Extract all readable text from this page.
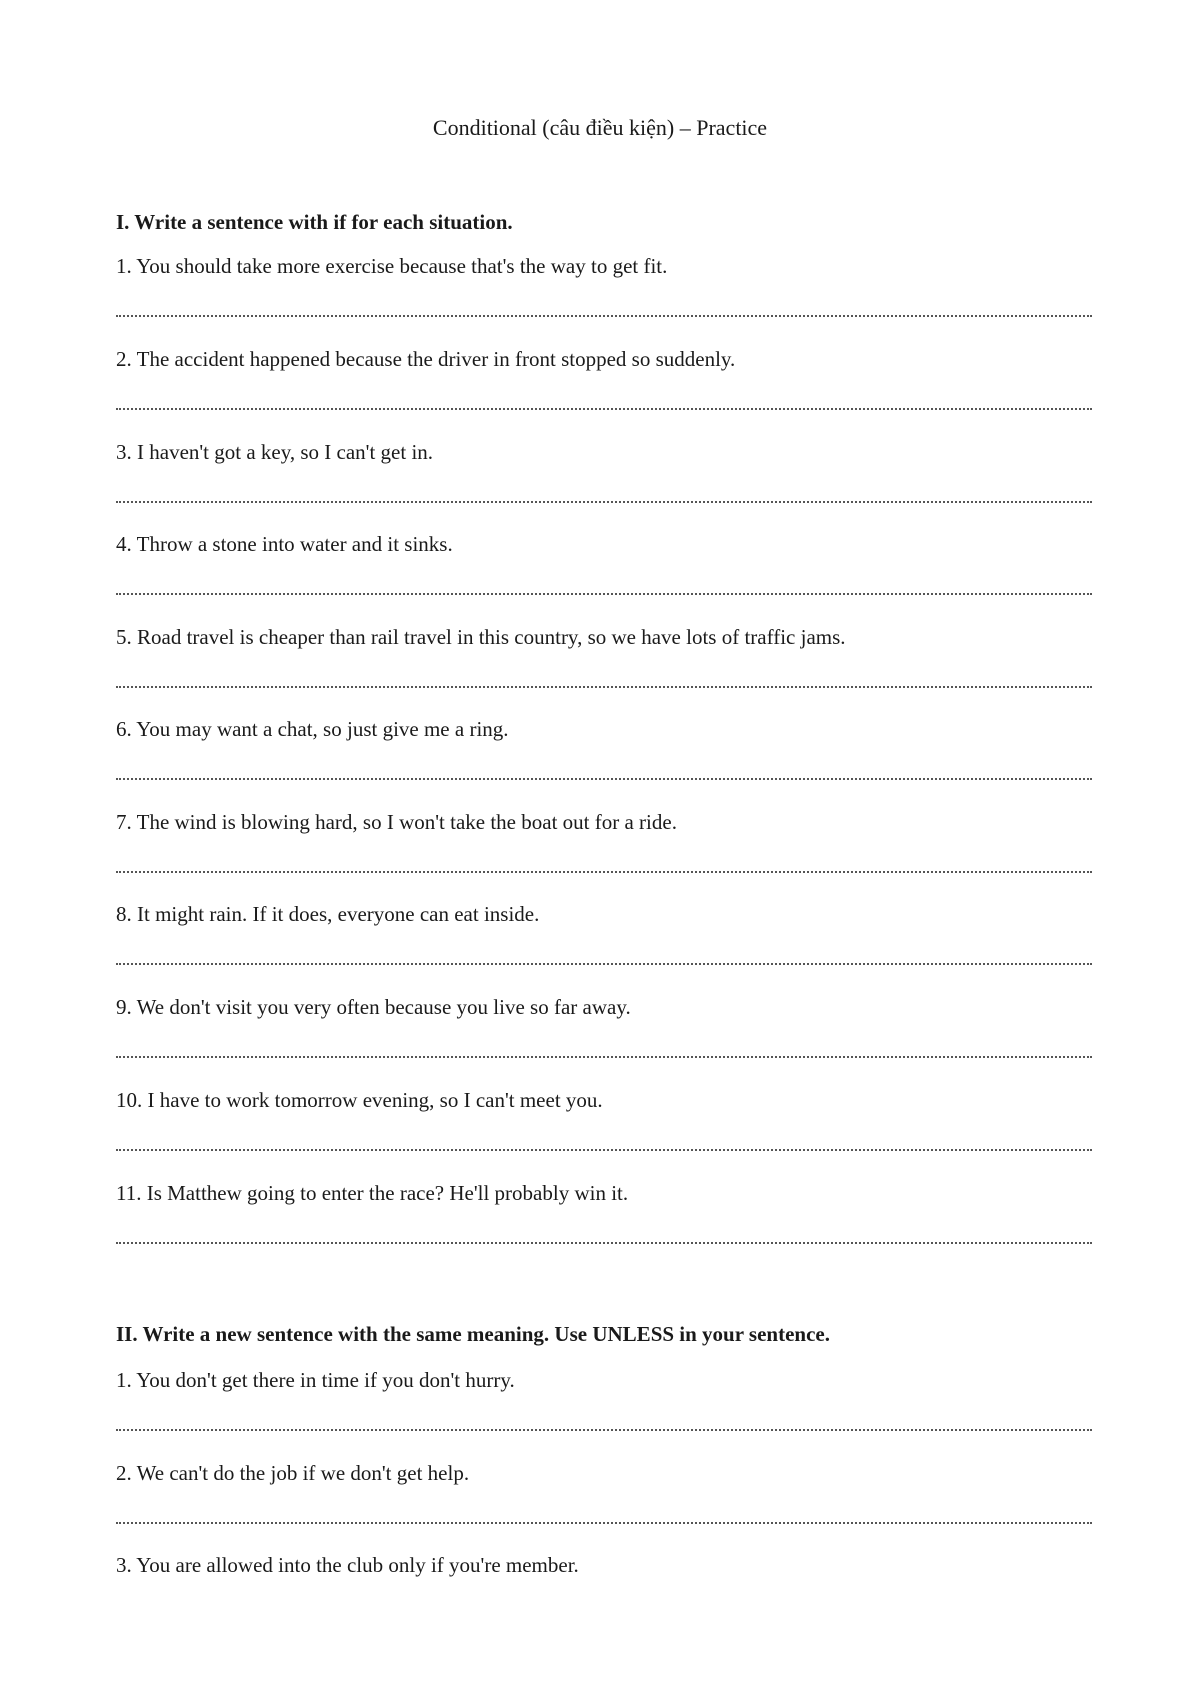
Conditional (câu điều kiện) – Practice
I. Write a sentence with if for each situation.
1. You should take more exercise because that's the way to get fit.
2. The accident happened because the driver in front stopped so suddenly.
3. I haven't got a key, so I can't get in.
4. Throw a stone into water and it sinks.
5. Road travel is cheaper than rail travel in this country, so we have lots of traffic jams.
6. You may want a chat, so just give me a ring.
7. The wind is blowing hard, so I won't take the boat out for a ride.
8. It might rain. If it does, everyone can eat inside.
9. We don't visit you very often because you live so far away.
10. I have to work tomorrow evening, so I can't meet you.
11. Is Matthew going to enter the race? He'll probably win it.
II. Write a new sentence with the same meaning. Use UNLESS in your sentence.
1. You don't get there in time if you don't hurry.
2. We can't do the job if we don't get help.
3. You are allowed into the club only if you're member.
